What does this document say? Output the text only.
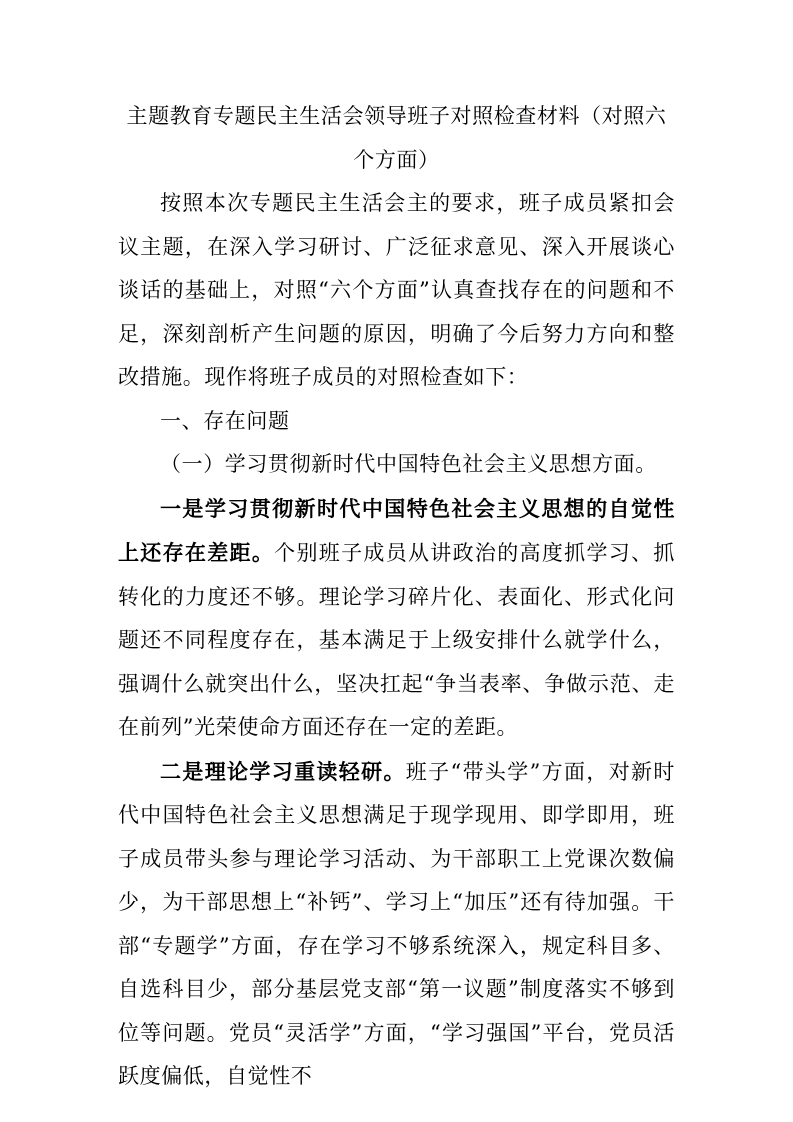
主题教育专题民主生活会领导班子对照检查材料（对照六个方面）

按照本次专题民主生活会主的要求，班子成员紧扣会议主题，在深入学习研讨、广泛征求意见、深入开展谈心谈话的基础上，对照“六个方面”认真查找存在的问题和不足，深刻剖析产生问题的原因，明确了今后努力方向和整改措施。现作将班子成员的对照检查如下：

一、存在问题

（一）学习贯彻新时代中国特色社会主义思想方面。

一是学习贯彻新时代中国特色社会主义思想的自觉性上还存在差距。个别班子成员从讲政治的高度抓学习、抓转化的力度还不够。理论学习碎片化、表面化、形式化问题还不同程度存在，基本满足于上级安排什么就学什么，强调什么就突出什么，坚决扛起“争当表率、争做示范、走在前列”光荣使命方面还存在一定的差距。

二是理论学习重读轻研。班子“带头学”方面，对新时代中国特色社会主义思想满足于现学现用、即学即用，班子成员带头参与理论学习活动、为干部职工上党课次数偏少，为干部思想上“补钙”、学习上“加压”还有待加强。干部“专题学”方面，存在学习不够系统深入，规定科目多、自选科目少，部分基层党支部“第一议题”制度落实不够到位等问题。党员“灵活学”方面，“学习强国”平台，党员活跃度偏低，自觉性不
